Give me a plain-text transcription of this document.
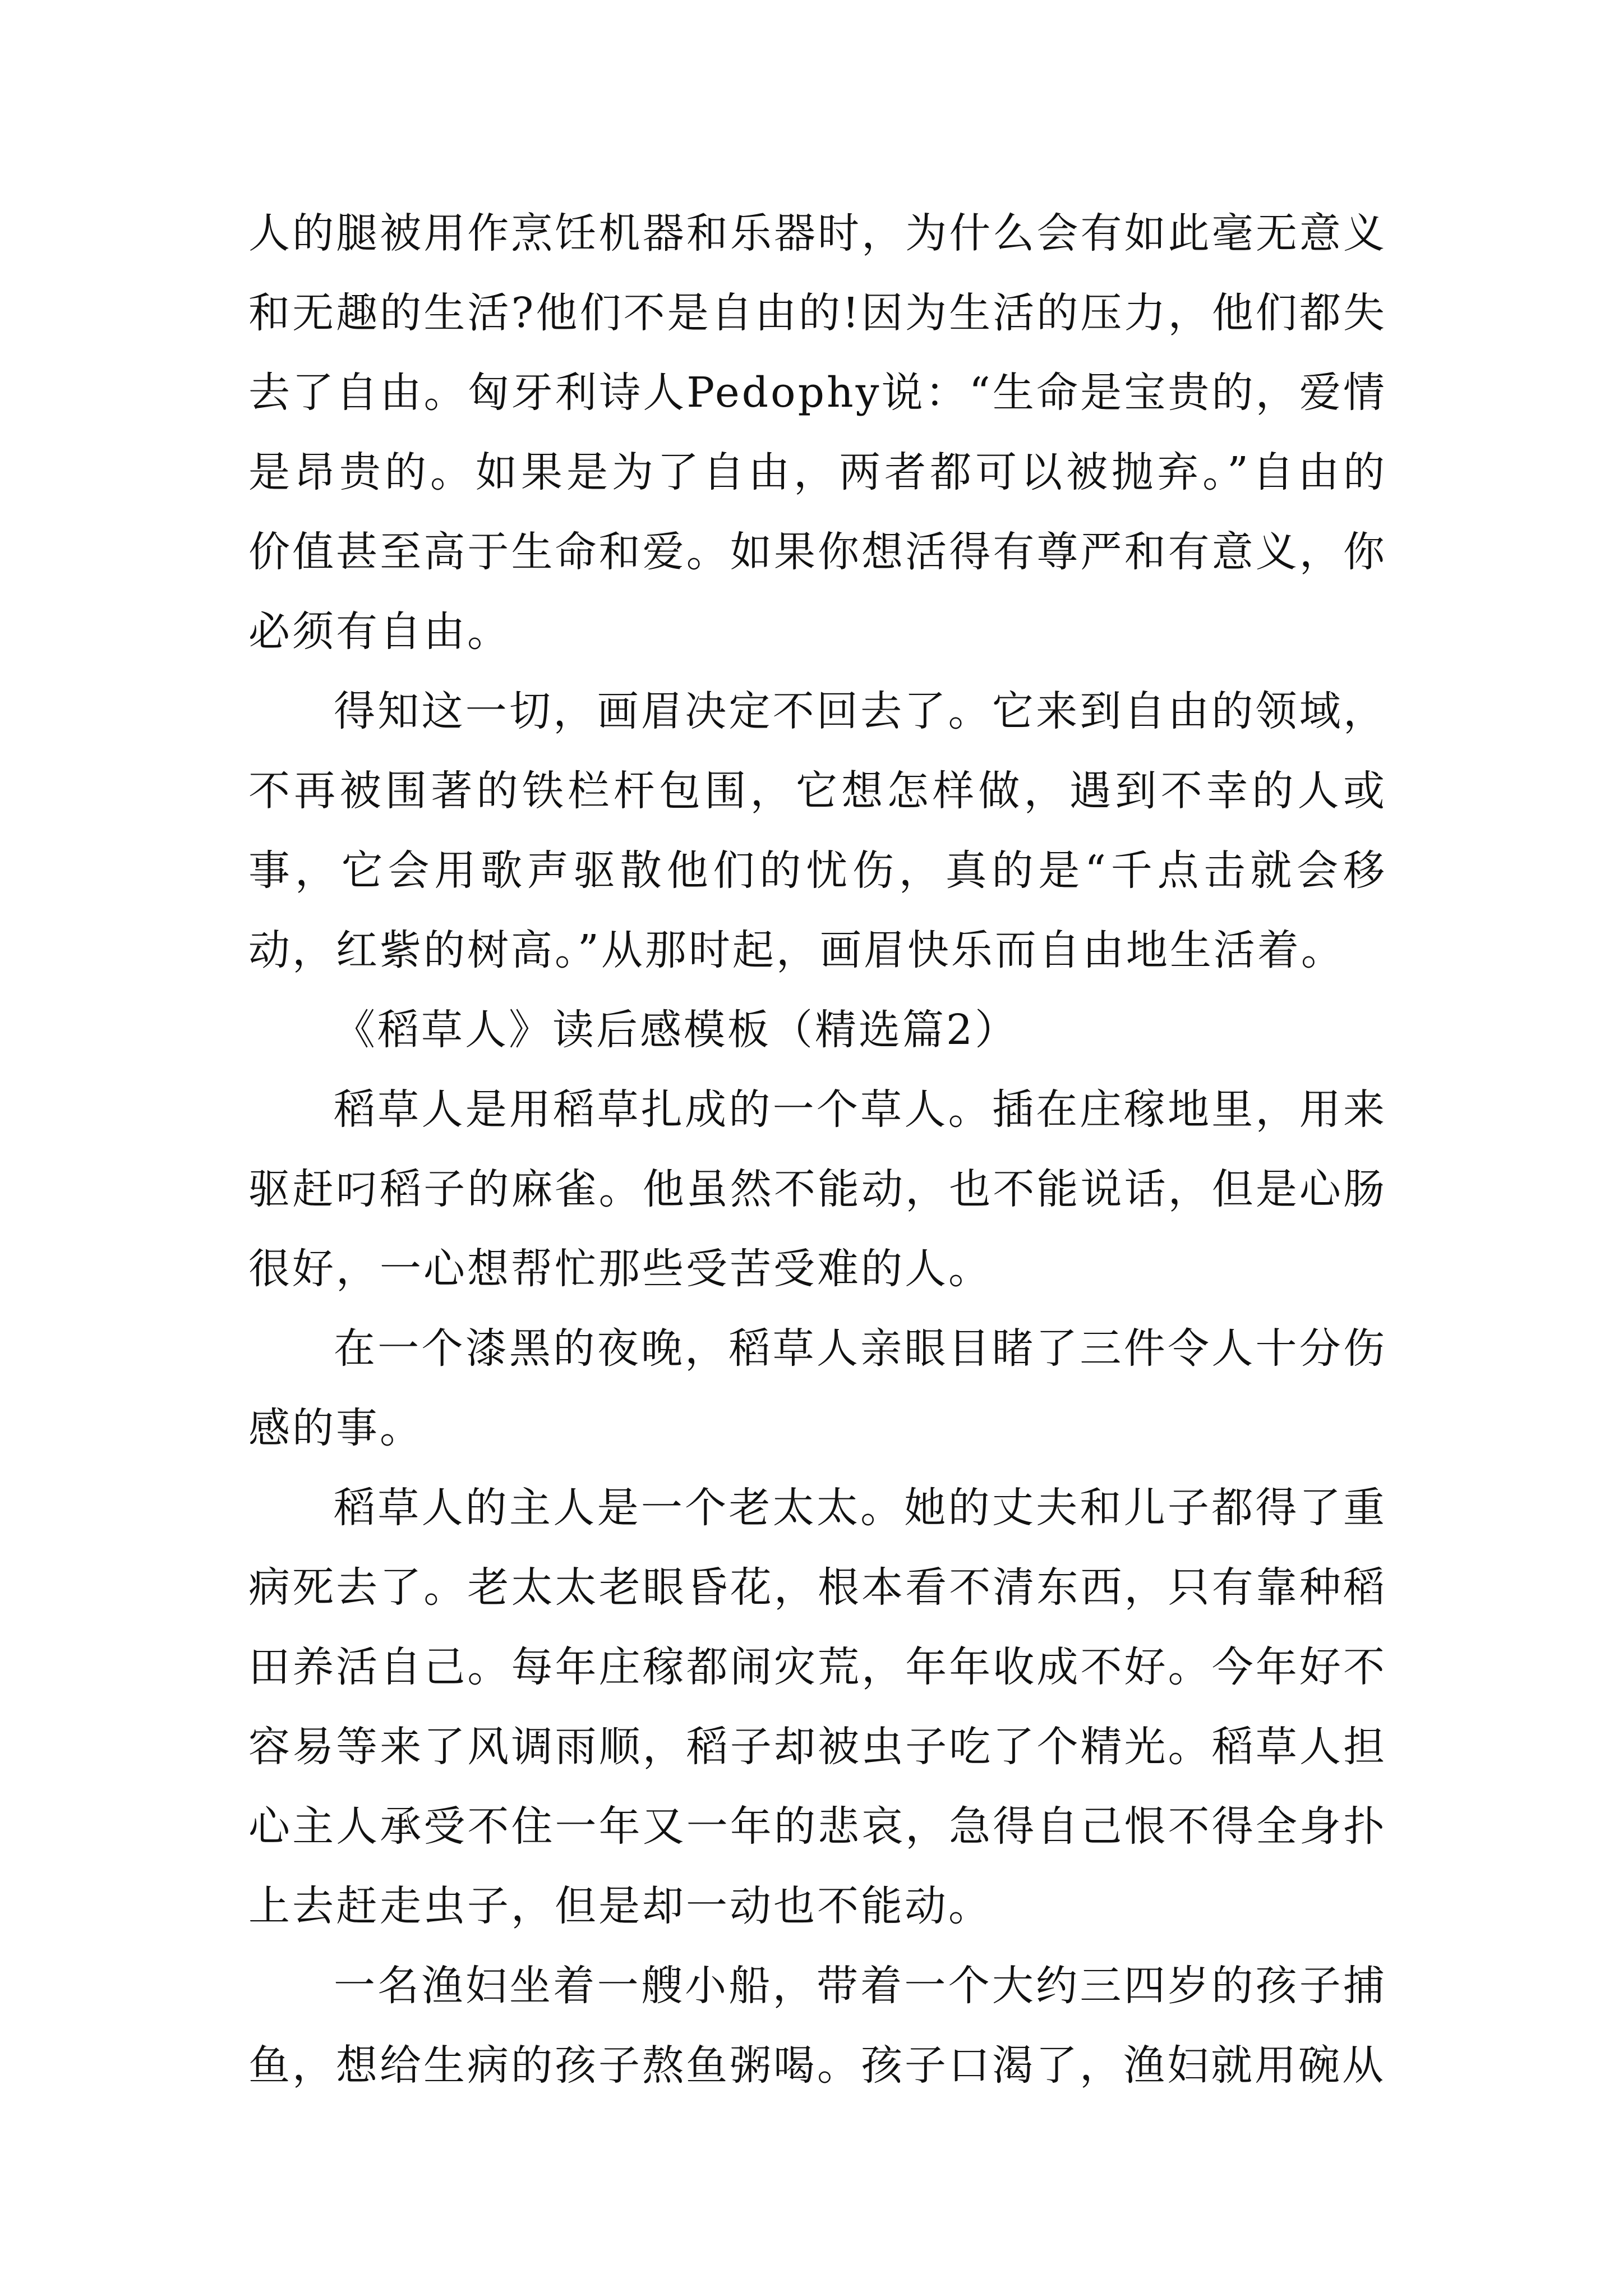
人的腿被用作烹饪机器和乐器时，为什么会有如此毫无意义和无趣的生活?他们不是自由的!因为生活的压力，他们都失去了自由。匈牙利诗人Pedophy说：“生命是宝贵的，爱情是昂贵的。如果是为了自由，两者都可以被抛弃。”自由的价值甚至高于生命和爱。如果你想活得有尊严和有意义，你必须有自由。

得知这一切，画眉决定不回去了。它来到自由的领域，不再被围著的铁栏杆包围，它想怎样做，遇到不幸的人或事，它会用歌声驱散他们的忧伤，真的是“千点击就会移动，红紫的树高。”从那时起，画眉快乐而自由地生活着。

《稻草人》读后感模板（精选篇2）

稻草人是用稻草扎成的一个草人。插在庄稼地里，用来驱赶叼稻子的麻雀。他虽然不能动，也不能说话，但是心肠很好，一心想帮忙那些受苦受难的人。

在一个漆黑的夜晚，稻草人亲眼目睹了三件令人十分伤感的事。

稻草人的主人是一个老太太。她的丈夫和儿子都得了重病死去了。老太太老眼昏花，根本看不清东西，只有靠种稻田养活自己。每年庄稼都闹灾荒，年年收成不好。今年好不容易等来了风调雨顺，稻子却被虫子吃了个精光。稻草人担心主人承受不住一年又一年的悲哀，急得自己恨不得全身扑上去赶走虫子，但是却一动也不能动。

一名渔妇坐着一艘小船，带着一个大约三四岁的孩子捕鱼，想给生病的孩子熬鱼粥喝。孩子口渴了，渔妇就用碗从
